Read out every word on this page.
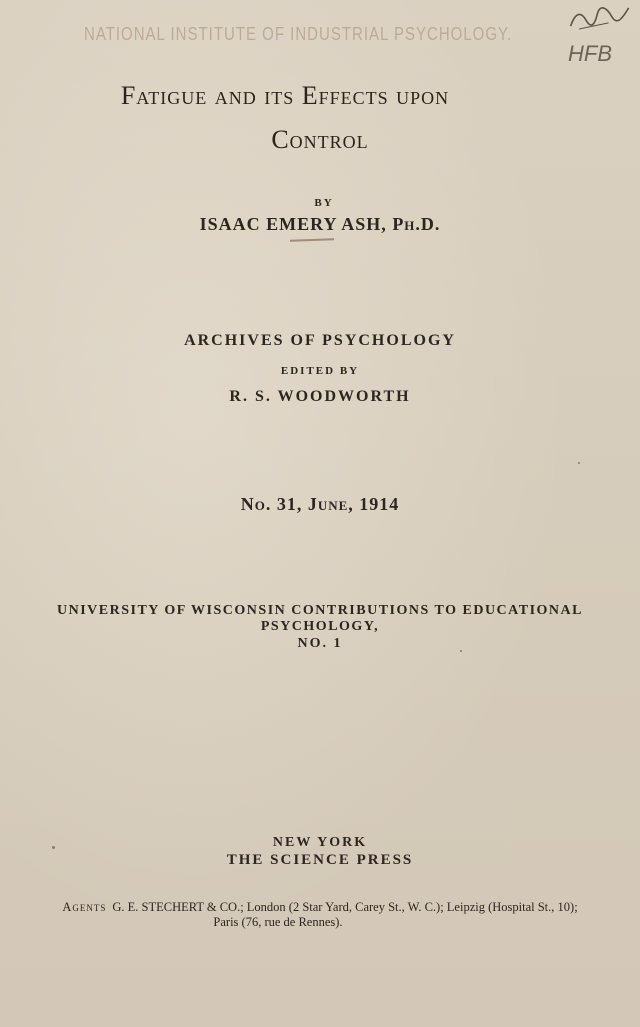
NATIONAL INSTITUTE OF INDUSTRIAL PSYCHOLOGY.
HFB
Fatigue and its Effects upon
Control
BY
ISAAC EMERY ASH, Ph.D.
ARCHIVES OF PSYCHOLOGY
EDITED BY
R. S. WOODWORTH
No. 31, June, 1914
UNIVERSITY OF WISCONSIN CONTRIBUTIONS TO EDUCATIONAL
PSYCHOLOGY,
NO. 1
NEW YORK
THE SCIENCE PRESS
Agents G. E. STECHERT & CO.; London (2 Star Yard, Carey St., W. C.); Leipzig (Hospital St., 10);
Paris (76, rue de Rennes).
